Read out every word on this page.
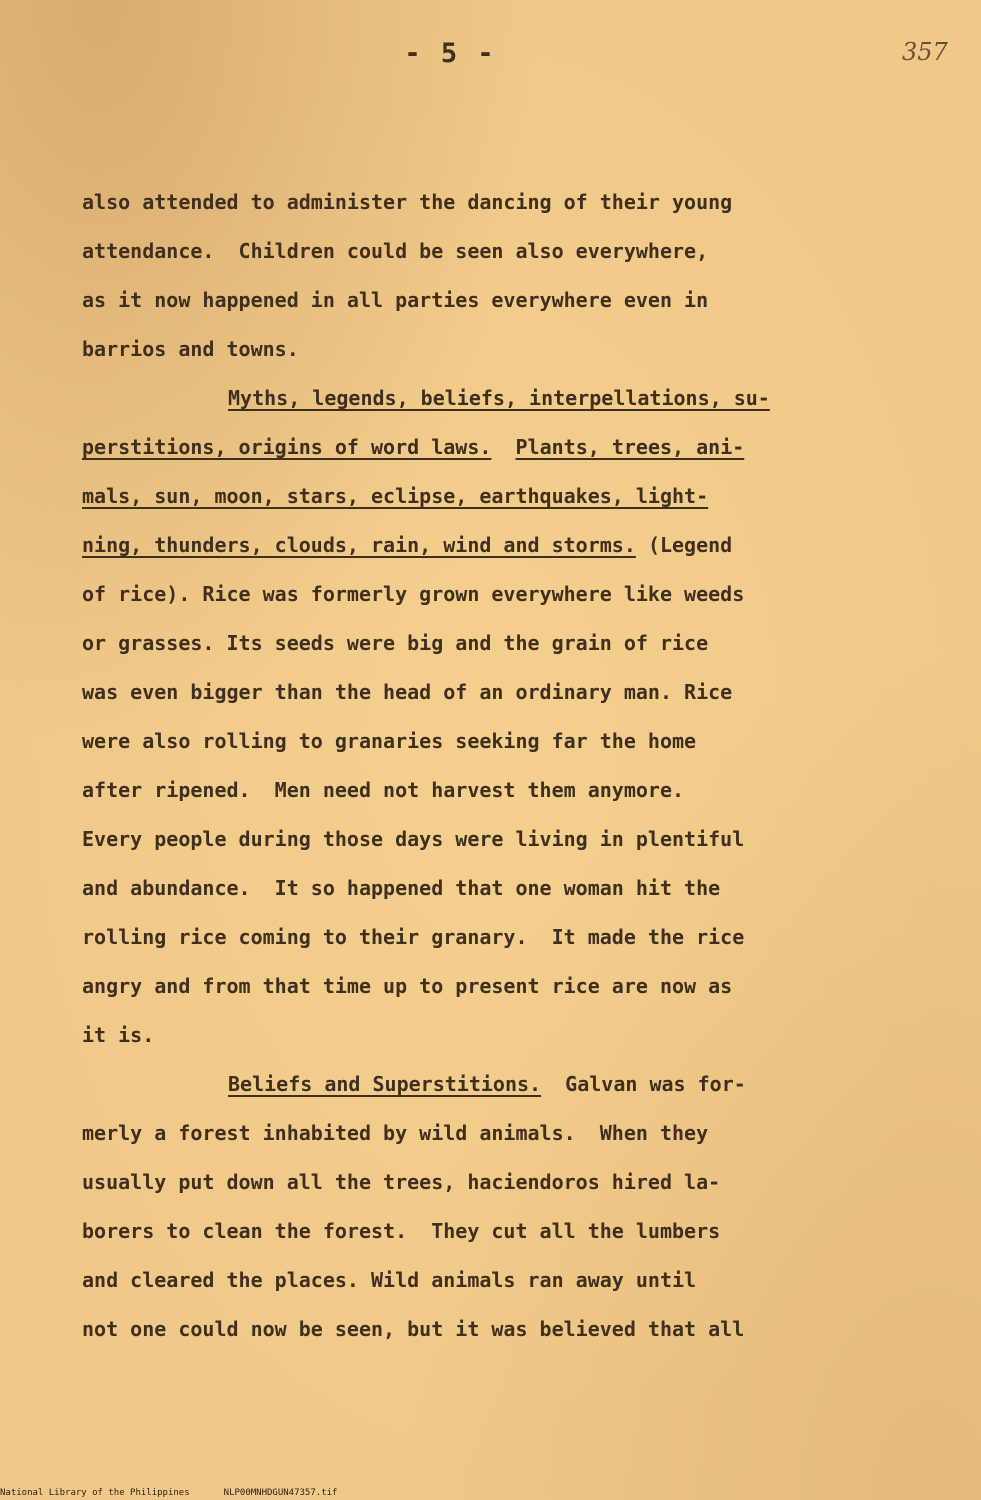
- 5 -	357
also attended to administer the dancing of their young
attendance.  Children could be seen also everywhere,
as it now happened in all parties everywhere even in
barrios and towns.
Myths, legends, beliefs, interpellations, su-
perstitions, origins of word laws. Plants, trees, ani-
mals, sun, moon, stars, eclipse, earthquakes, light-
ning, thunders, clouds, rain, wind and storms. (Legend
of rice). Rice was formerly grown everywhere like weeds
or grasses. Its seeds were big and the grain of rice
was even bigger than the head of an ordinary man. Rice
were also rolling to granaries seeking far the home
after ripened.  Men need not harvest them anymore.
Every people during those days were living in plentiful
and abundance.  It so happened that one woman hit the
rolling rice coming to their granary.  It made the rice
angry and from that time up to present rice are now as
it is.
Beliefs and Superstitions. Galvan was for-
merly a forest inhabited by wild animals.  When they
usually put down all the trees, haciendoros hired la-
borers to clean the forest.  They cut all the lumbers
and cleared the places. Wild animals ran away until
not one could now be seen, but it was believed that all
National Library of the Philippines	NLP00MNHDGUN47357.tif
